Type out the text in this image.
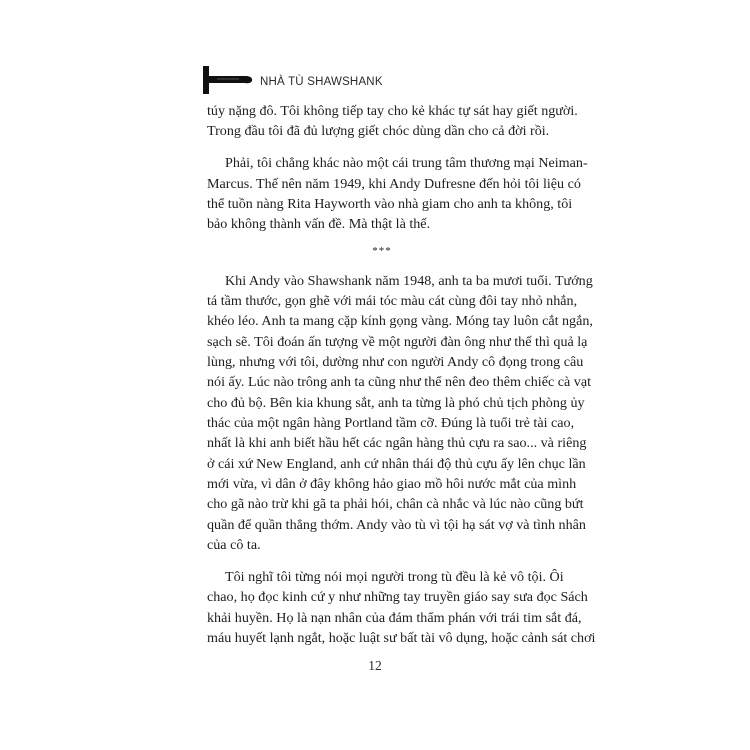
NHÀ TÙ SHAWSHANK
túy nặng đô. Tôi không tiếp tay cho kẻ khác tự sát hay giết người.
Trong đầu tôi đã đủ lượng giết chóc dùng dần cho cả đời rồi.
Phải, tôi chẳng khác nào một cái trung tâm thương mại Neiman-
Marcus. Thế nên năm 1949, khi Andy Dufresne đến hỏi tôi liệu có
thể tuồn nàng Rita Hayworth vào nhà giam cho anh ta không, tôi
bảo không thành vấn đề. Mà thật là thế.
***
Khi Andy vào Shawshank năm 1948, anh ta ba mươi tuổi. Tướng
tá tầm thước, gọn ghẽ với mái tóc màu cát cùng đôi tay nhỏ nhắn,
khéo léo. Anh ta mang cặp kính gọng vàng. Móng tay luôn cắt ngắn,
sạch sẽ. Tôi đoán ấn tượng về một người đàn ông như thế thì quả lạ
lùng, nhưng với tôi, dường như con người Andy cô đọng trong câu
nói ấy. Lúc nào trông anh ta cũng như thể nên đeo thêm chiếc cà vạt
cho đủ bộ. Bên kia khung sắt, anh ta từng là phó chủ tịch phòng ủy
thác của một ngân hàng Portland tầm cỡ. Đúng là tuổi trẻ tài cao,
nhất là khi anh biết hầu hết các ngân hàng thủ cựu ra sao... và riêng
ở cái xứ New England, anh cứ nhân thái độ thủ cựu ấy lên chục lần
mới vừa, vì dân ở đây không hảo giao mồ hôi nước mắt của mình
cho gã nào trừ khi gã ta phải hói, chân cà nhắc và lúc nào cũng bứt
quần để quần thẳng thớm. Andy vào tù vì tội hạ sát vợ và tình nhân
của cô ta.
Tôi nghĩ tôi từng nói mọi người trong tù đều là kẻ vô tội. Ôi
chao, họ đọc kinh cứ y như những tay truyền giáo say sưa đọc Sách
khải huyền. Họ là nạn nhân của đám thẩm phán với trái tim sắt đá,
máu huyết lạnh ngắt, hoặc luật sư bất tài vô dụng, hoặc cảnh sát chơi
12
